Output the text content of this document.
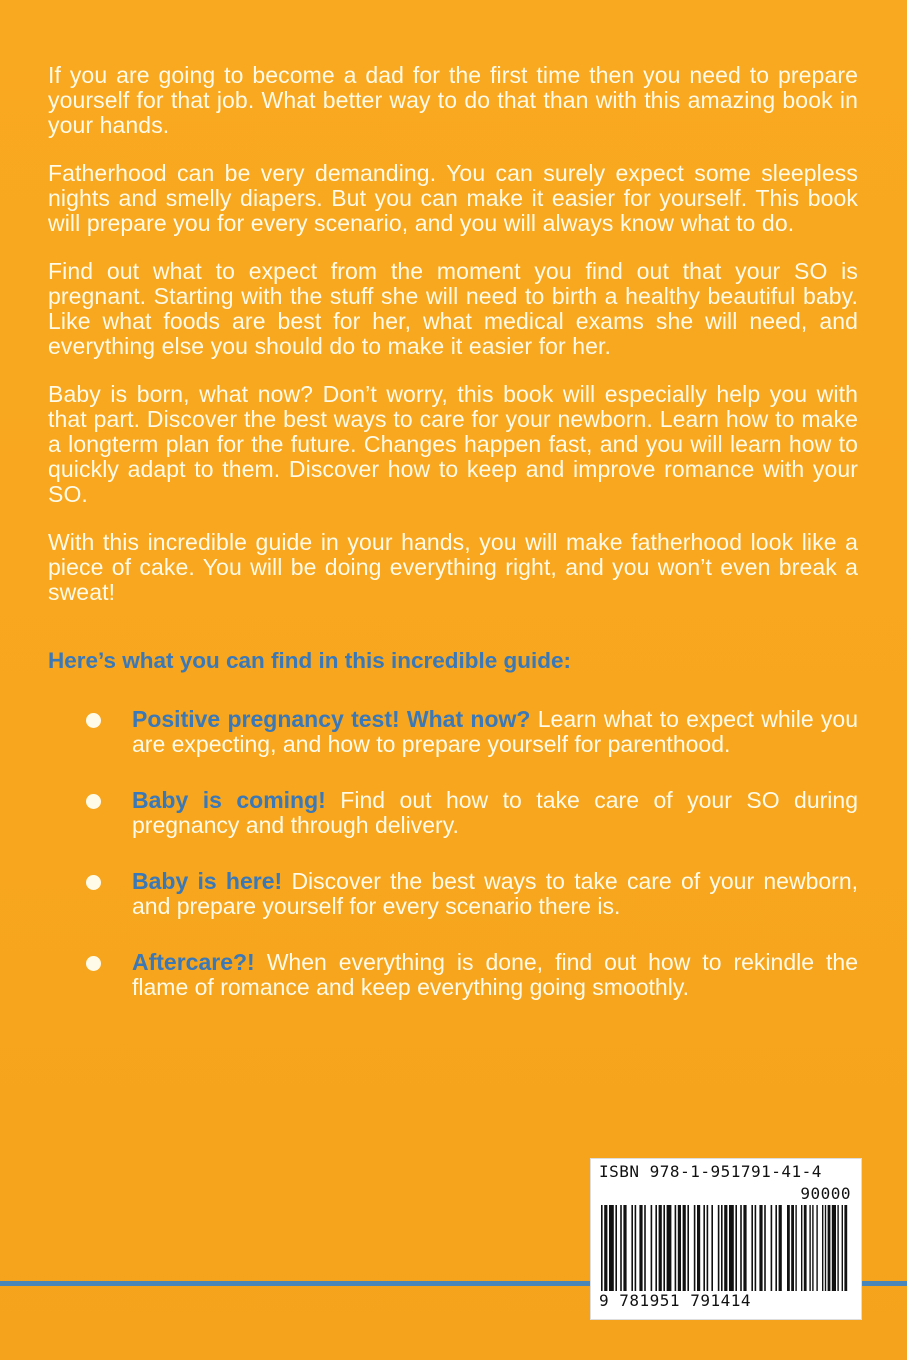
If you are going to become a dad for the first time then you need to prepare yourself for that job. What better way to do that than with this amazing book in your hands.

Fatherhood can be very demanding. You can surely expect some sleepless nights and smelly diapers. But you can make it easier for yourself. This book will prepare you for every scenario, and you will always know what to do.

Find out what to expect from the moment you find out that your SO is pregnant. Starting with the stuff she will need to birth a healthy beautiful baby. Like what foods are best for her, what medical exams she will need, and everything else you should do to make it easier for her.

Baby is born, what now? Don’t worry, this book will especially help you with that part. Discover the best ways to care for your newborn. Learn how to make a longterm plan for the future. Changes happen fast, and you will learn how to quickly adapt to them. Discover how to keep and improve romance with your SO.

With this incredible guide in your hands, you will make fatherhood look like a piece of cake. You will be doing everything right, and you won’t even break a sweat!

Here’s what you can find in this incredible guide:
Positive pregnancy test! What now? Learn what to expect while you are expecting, and how to prepare yourself for parenthood.
Baby is coming! Find out how to take care of your SO during pregnancy and through delivery.
Baby is here! Discover the best ways to take care of your newborn, and prepare yourself for every scenario there is.
Aftercare?! When everything is done, find out how to rekindle the flame of romance and keep everything going smoothly.
ISBN 978-1-951791-41-4
90000
9 781951 791414
